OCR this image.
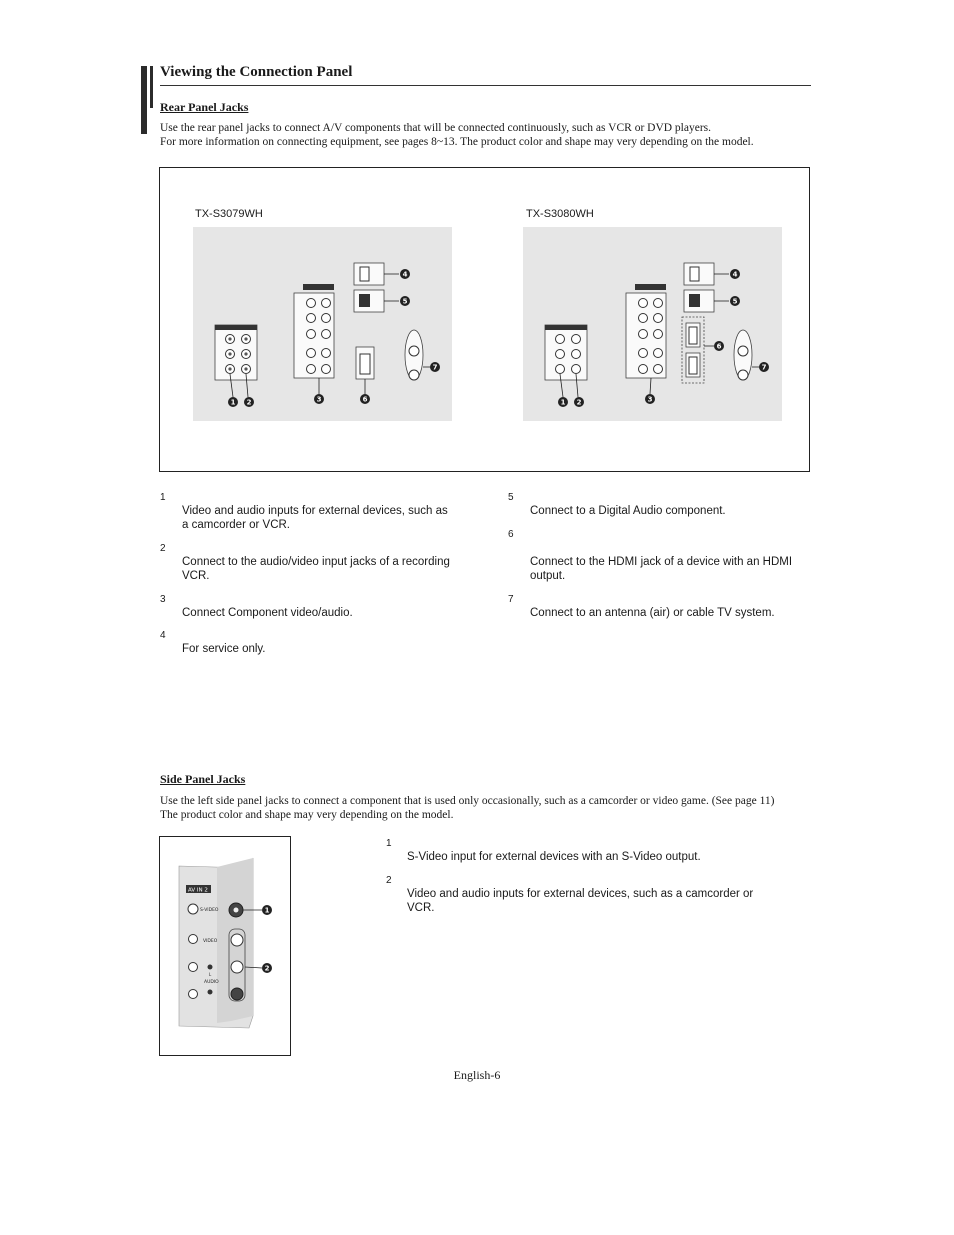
Viewing the Connection Panel
Rear Panel Jacks
Use the rear panel jacks to connect A/V components that will be connected continuously, such as VCR or DVD players.
For more information on connecting equipment, see pages 8~13. The product color and shape may very depending on the model.
TX-S3079WH	TX-S3080WH
1 2	3
4
5
6
7
1 2	3
4
5
6
7
1
Video and audio inputs for external devices, such as
a camcorder or VCR.
2
Connect to the audio/video input jacks of a recording
VCR.
3
Connect Component video/audio.
4
For service only.
5
Connect to a Digital Audio component.
6
Connect to the HDMI jack of a device with an HDMI
output.
7
Connect to an antenna (air) or cable TV system.
Side Panel Jacks
Use the left side panel jacks to connect a component that is used only occasionally, such as a camcorder or video game. (See page 11)
The product color and shape may very depending on the model.
AV IN 2
S-VIDEO
VIDEO
L
AUDIO
1
2
1
S-Video input for external devices with an S-Video output.
2
Video and audio inputs for external devices, such as a camcorder or
VCR.
English-6
